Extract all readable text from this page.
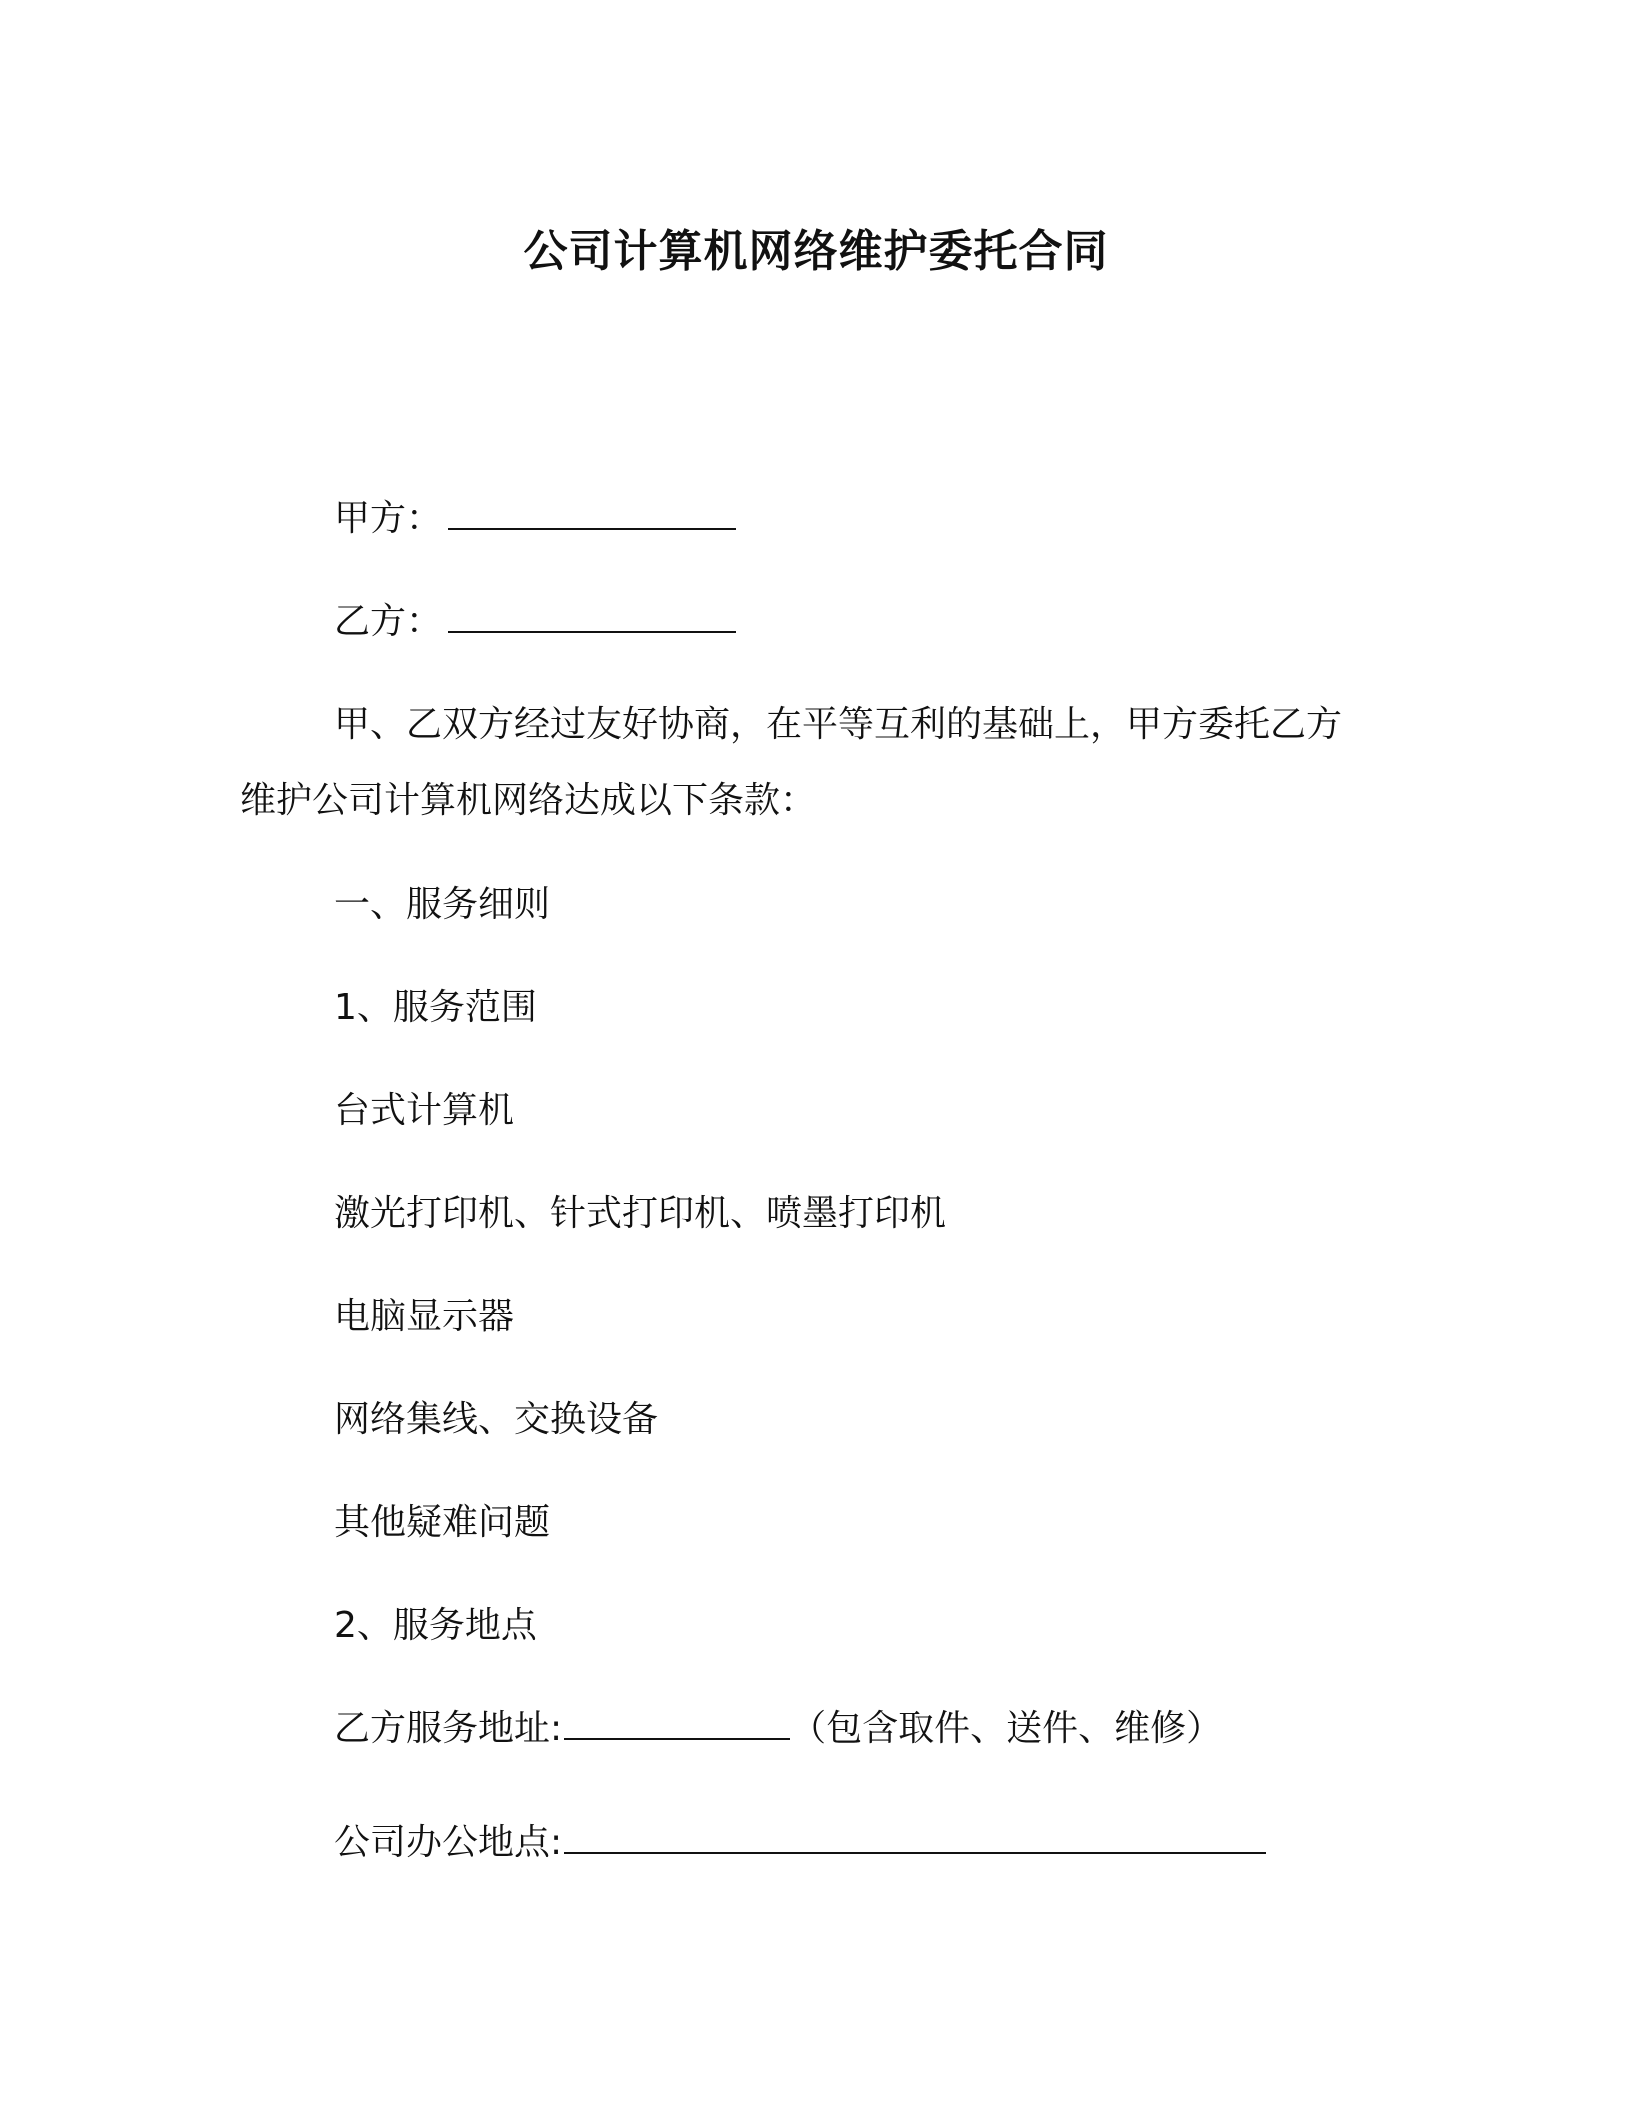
公司计算机网络维护委托合同
甲方：
乙方：
甲、乙双方经过友好协商，在平等互利的基础上，甲方委托乙方
维护公司计算机网络达成以下条款：
一、服务细则
1、服务范围
台式计算机
激光打印机、针式打印机、喷墨打印机
电脑显示器
网络集线、交换设备
其他疑难问题
2、服务地点
乙方服务地址:	（包含取件、送件、维修）
公司办公地点:
